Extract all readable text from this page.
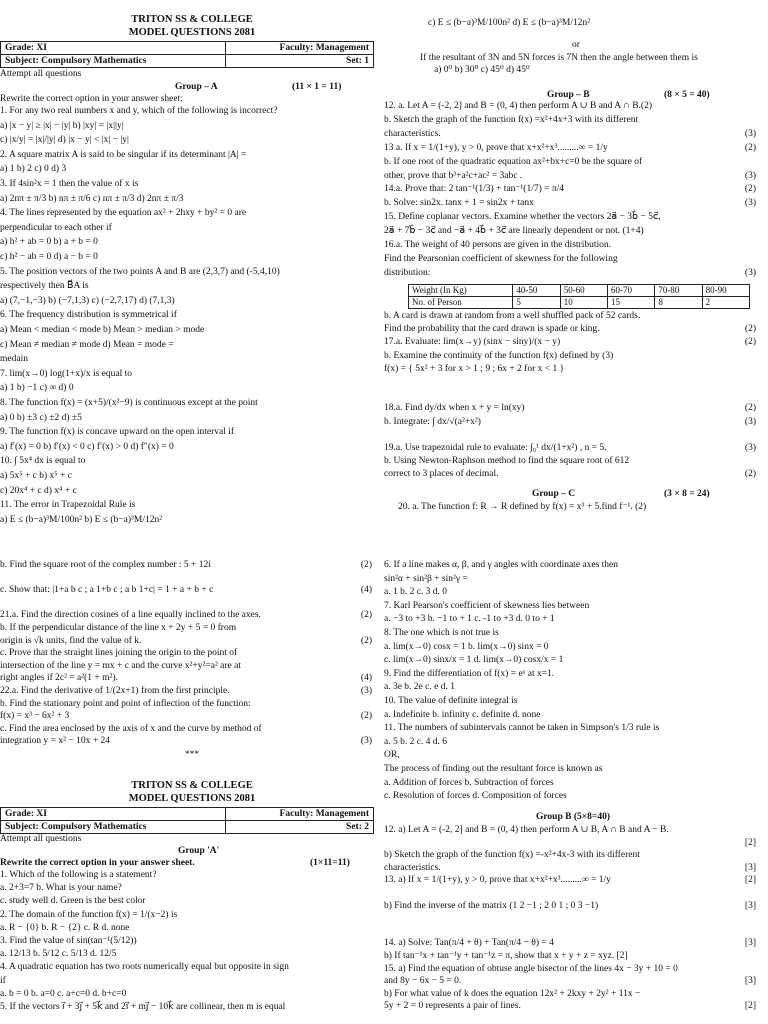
TRITON SS & COLLEGE
MODEL QUESTIONS 2081
Grade: XI	Faculty: Management
Subject: Compulsory Mathematics	Set: 1
Attempt all questions
Group – A	(11 × 1 = 11)
Rewrite the correct option in your answer sheet:
1. For any two real numbers x and y, which of the following is incorrect?
a) |x − y| ≥ |x| − |y| b) |xy| = |x||y|
c) |x/y| = |x|/|y| d) |x − y| < |x| − |y|
2. A square matrix A is said to be singular if its determinant |A| =
a) 1 b) 2 c) 0 d) 3
3. If 4sin²x = 1 then the value of x is
a) 2nπ ± π/3 b) nπ ± π/6 c) nπ ± π/3 d) 2nπ ± π/3
4. The lines represented by the equation ax² + 2hxy + by² = 0 are
perpendicular to each other if
a) h² + ab = 0 b) a + b = 0
c) h² − ab = 0 d) a − b = 0
5. The position vectors of the two points A and B are (2,3,7) and (-5,4,10)
respectively then B⃗A is
a) (7,−1,−3) b) (−7,1,3) c) (−2,7,17) d) (7,1,3)
6. The frequency distribution is symmetrical if
a) Mean < median < mode b) Mean > median > mode
c) Mean ≠ median ≠ mode d) Mean = mode =
medain
7. lim(x→0) log(1+x)/x is equal to
a) 1 b) −1 c) ∞ d) 0
8. The function f(x) = (x+5)/(x²−9) is continuous except at the point
a) 0 b) ±3 c) ±2 d) ±5
9. The function f(x) is concave upward on the open interval if
a) f′(x) = 0 b) f′(x) < 0 c) f′(x) > 0 d) f″(x) = 0
10. ∫ 5x⁴ dx is equal to
a) 5x⁵ + c b) x⁵ + c
c) 20x⁴ + c d) x⁴ + c
11. The error in Trapezoidal Rule is
a) E ≤ (b−a)³M/100n² b) E ≤ (b−a)³M/12n²
c) E ≤ (b−a)³M/100n² d) E ≤ (b−a)³M/12n²
or
If the resultant of 3N and 5N forces is 7N then the angle between them is
a) 0⁰ b) 30⁰ c) 45⁰ d) 45⁰
Group – B	(8 × 5 = 40)
12. a. Let A = (-2, 2] and B = (0, 4) then perform A ∪ B and A ∩ B.(2)
b. Sketch the graph of the function f(x) =x²+4x+3 with its different
characteristics.	(3)
13 a. If x = 1/(1+y), y > 0, prove that x+x²+x³.........∞ = 1/y	(2)
b. If one root of the quadratic equation ax²+bx+c=0 be the square of
other, prove that b³+a²c+ac² = 3abc .	(3)
14.a. Prove that: 2 tan⁻¹(1/3) + tan⁻¹(1/7) = π/4	(2)
b. Solve: sin2x. tanx + 1 = sin2x + tanx	(3)
15. Define coplanar vectors. Examine whether the vectors 2a⃗ − 3b⃗ − 5c⃗,
2a⃗ + 7b⃗ − 3c⃗ and −a⃗ + 4b⃗ + 3c⃗ are linearly dependent or not. (1+4)
16.a. The weight of 40 persons are given in the distribution.
Find the Pearsonian coefficient of skewness for the following
distribution:	(3)
Weight (In Kg)	40-50	50-60	60-70	70-80	80-90
No. of Person	5	10	15	8	2
b. A card is drawn at random from a well shuffled pack of 52 cards.
Find the probability that the card drawn is spade or king.	(2)
17.a. Evaluate: lim(x→y) (sinx − siny)/(x − y)	(2)
b. Examine the continuity of the function f(x) defined by (3)
f(x) = { 5x² + 3 for x > 1 ; 9 ; 6x + 2 for x < 1 }
18.a. Find dy/dx when x + y = ln(xy)	(2)
b. Integrate: ∫ dx/√(a²+x²)	(3)
19.a. Use trapezoidal rule to evaluate: ∫₀¹ dx/(1+x²) , n = 5.	(3)
b. Using Newton-Raphson method to find the square root of 612
correct to 3 places of decimal.	(2)
Group – C	(3 × 8 = 24)
20. a. The function f: R → R defined by f(x) = x³ + 5.find f⁻¹. (2)
b. Find the square root of the complex number : 5 + 12i	(2)
c. Show that: |1+a b c ; a 1+b c ; a b 1+c| = 1 + a + b + c	(4)
21.a. Find the direction cosines of a line equally inclined to the axes.	(2)
b. If the perpendicular distance of the line x + 2y + 5 = 0 from
origin is √k units, find the value of k.	(2)
c. Prove that the straight lines joining the origin to the point of
intersection of the line y = mx + c and the curve x²+y²=a² are at
right angles if 2c² = a²(1 + m²).	(4)
22.a. Find the derivative of 1/(2x+1) from the first principle.	(3)
b. Find the stationary point and point of inflection of the function:
f(x) = x³ − 6x² + 3	(2)
c. Find the area enclosed by the axis of x and the curve by method of
integration y = x² − 10x + 24	(3)
***
TRITON SS & COLLEGE
MODEL QUESTIONS 2081
Grade: XI	Faculty: Management
Subject: Compulsory Mathematics	Set: 2
Attempt all questions
Group 'A'
Rewrite the correct option in your answer sheet.	(1×11=11)
1. Which of the following is a statement?
a. 2+3=7 b. What is your name?
c. study well d. Green is the best color
2. The domain of the function f(x) = 1/(x−2) is
a. R − {0} b. R − {2} c. R d. none
3. Find the value of sin(tan⁻¹(5/12))
a. 12/13 b. 5/12 c. 5/13 d. 12/5
4. A quadratic equation has two roots numerically equal but opposite in sign
if
a. b = 0 b. a=0 c. a+c=0 d. b+c=0
5. If the vectors i⃗ + 3j⃗ + 5k⃗ and 2i⃗ + mj⃗ − 10k⃗ are collinear, then m is equal
6. If a line makes α, β, and γ angles with coordinate axes then
sin²α + sin²β + sin²γ =
a. 1 b. 2 c. 3 d. 0
7. Karl Pearson's coefficient of skewness lies between
a. −3 to +3 b. −1 to + 1 c. -1 to +3 d. 0 to + 1
8. The one which is not true is
a. lim(x→0) cosx = 1 b. lim(x→0) sinx = 0
c. lim(x→0) sinx/x = 1 d. lim(x→0) cosx/x = 1
9. Find the differentiation of f(x) = eˣ at x=1.
a. 3e b. 2e c. e d. 1
10. The value of definite integral is
a. Indefinite b. infinity c. definite d. none
11. The numbers of subintervals cannot be taken in Simpson's 1/3 rule is
a. 5 b. 2 c. 4 d. 6
OR,
The process of finding out the resultant force is known as
a. Addition of forces b. Subtraction of forces
c. Resolution of forces d. Composition of forces
Group B (5×8=40)
12. a) Let A = (-2, 2] and B = (0, 4) then perform A ∪ B, A ∩ B and A − B.
[2]
b) Sketch the graph of the function f(x) =-x²+4x-3 with its different
characteristics.	[3]
13. a) If x = 1/(1+y), y > 0, prove that x+x²+x³.........∞ = 1/y	[2]
b) Find the inverse of the matrix (1 2 −1 ; 2 0 1 ; 0 3 −1)	[3]
14. a) Solve: Tan(π/4 + θ) + Tan(π/4 − θ) = 4	[3]
b) If tan⁻¹x + tan⁻¹y + tan⁻¹z = π, show that x + y + z = xyz. [2]
15. a) Find the equation of obtuse angle bisector of the lines 4x − 3y + 10 = 0
and 8y − 6x − 5 = 0.	[3]
b) For what value of k does the equation 12x² + 2kxy + 2y² + 11x −
5y + 2 = 0 represents a pair of lines.	[2]
